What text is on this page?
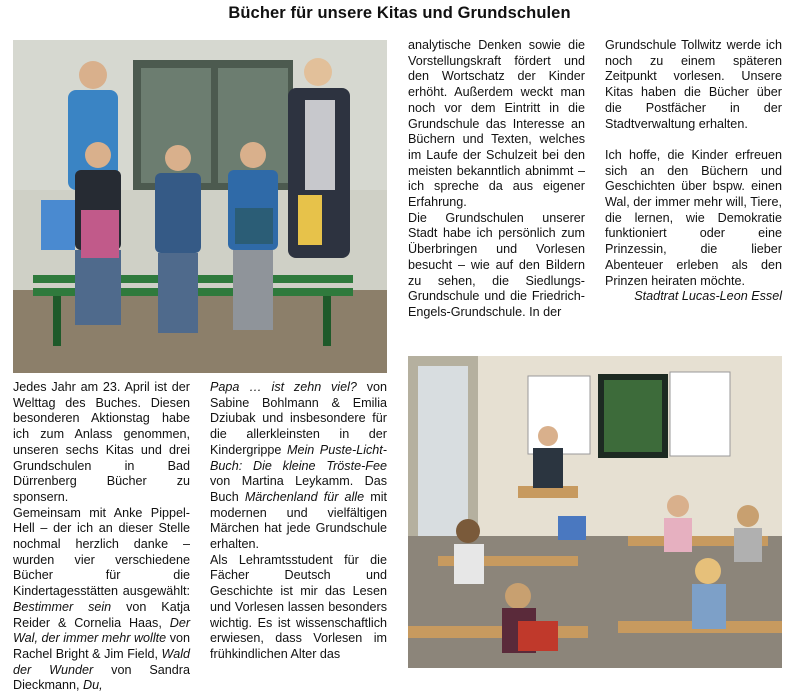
Bücher für unsere Kitas und Grundschulen

Jedes Jahr am 23. April ist der Welttag des Buches. Diesen besonderen Aktionstag habe ich zum Anlass genommen, unseren sechs Kitas und drei Grundschulen in Bad Dürrenberg Bücher zu sponsern.

Gemeinsam mit Anke Pippel-Hell – der ich an dieser Stelle nochmal herzlich danke – wurden vier verschiedene Bücher für die Kindertagesstätten ausgewählt: Bestimmer sein von Katja Reider & Cornelia Haas, Der Wal, der immer mehr wollte von Rachel Bright & Jim Field, Wald der Wunder von Sandra Dieckmann, Du,

Papa … ist zehn viel? von Sabine Bohlmann & Emilia Dziubak und insbesondere für die allerkleinsten in der Kindergrippe Mein Puste-Licht-Buch: Die kleine Tröste-Fee von Martina Leykamm. Das Buch Märchenland für alle mit modernen und vielfältigen Märchen hat jede Grundschule erhalten.

Als Lehramtsstudent für die Fächer Deutsch und Geschichte ist mir das Lesen und Vorlesen lassen besonders wichtig. Es ist wissenschaftlich erwiesen, dass Vorlesen im frühkindlichen Alter das

analytische Denken sowie die Vorstellungskraft fördert und den Wortschatz der Kinder erhöht. Außerdem weckt man noch vor dem Eintritt in die Grundschule das Interesse an Büchern und Texten, welches im Laufe der Schulzeit bei den meisten bekanntlich abnimmt – ich spreche da aus eigener Erfahrung.

Die Grundschulen unserer Stadt habe ich persönlich zum Überbringen und Vorlesen besucht – wie auf den Bildern zu sehen, die Siedlungs-Grundschule und die Friedrich-Engels-Grundschule. In der

Grundschule Tollwitz werde ich noch zu einem späteren Zeitpunkt vorlesen. Unsere Kitas haben die Bücher über die Postfächer in der Stadtverwaltung erhalten.

Ich hoffe, die Kinder erfreuen sich an den Büchern und Geschichten über bspw. einen Wal, der immer mehr will, Tiere, die lernen, wie Demokratie funktioniert oder eine Prinzessin, die lieber Abenteuer erleben als den Prinzen heiraten möchte.

Stadtrat Lucas-Leon Essel
